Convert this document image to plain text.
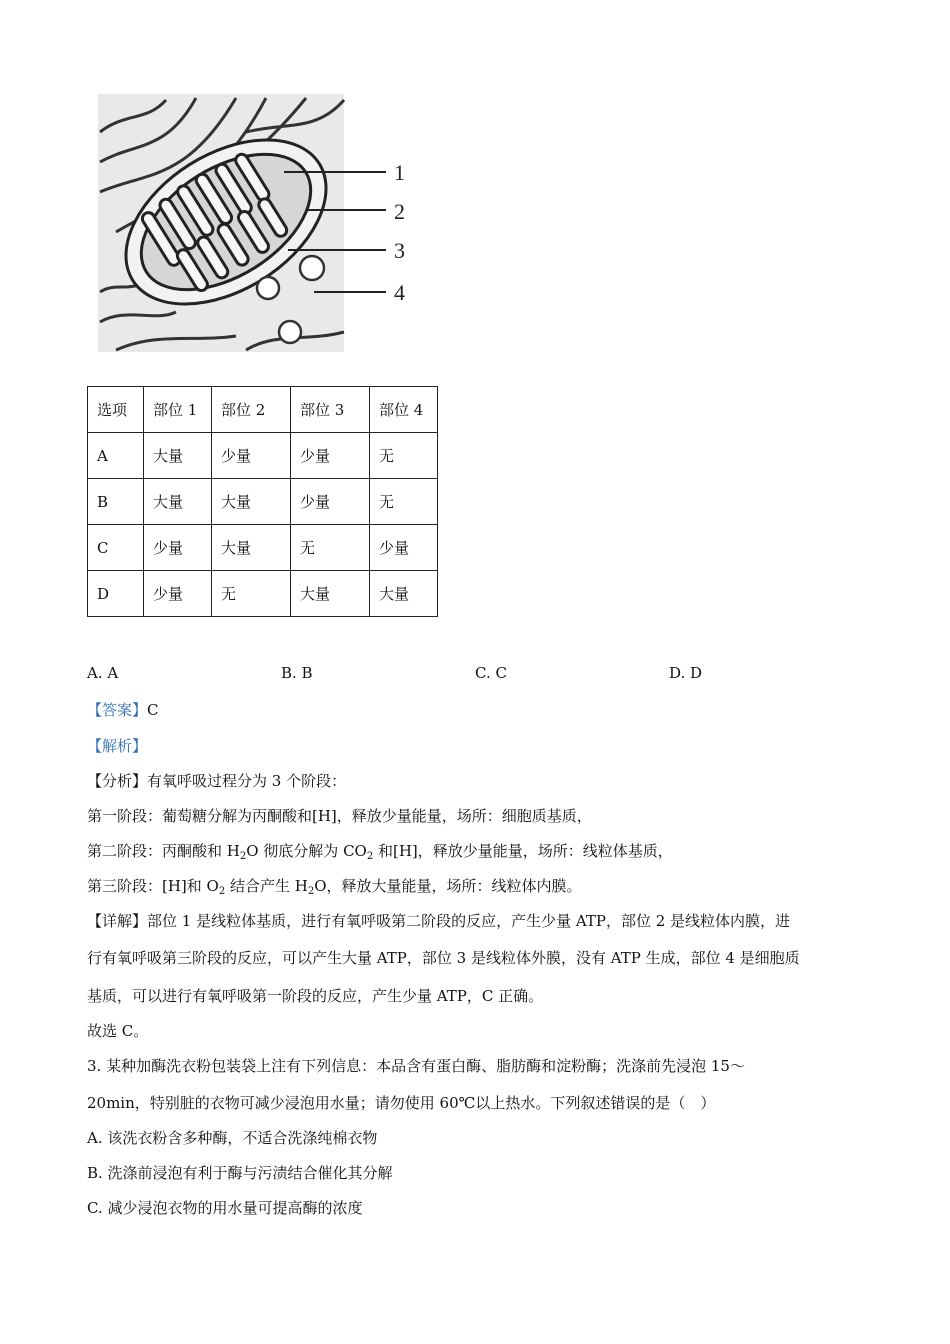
1
2
3
4
选项	部位 1	部位 2	部位 3	部位 4
A	大量	少量	少量	无
B	大量	大量	少量	无
C	少量	大量	无	少量
D	少量	无	大量	大量
A. A	B. B	C. C	D. D
【答案】C
【解析】
【分析】有氧呼吸过程分为 3 个阶段：
第一阶段：葡萄糖分解为丙酮酸和[H]，释放少量能量，场所：细胞质基质，
第二阶段：丙酮酸和 $H_2O$ 彻底分解为 $CO_2$ 和[H]，释放少量能量，场所：线粒体基质，
第三阶段：[H]和 $O_2$ 结合产生 $H_2O$，释放大量能量，场所：线粒体内膜。
【详解】部位 1 是线粒体基质，进行有氧呼吸第二阶段的反应，产生少量 ATP，部位 2 是线粒体内膜，进
行有氧呼吸第三阶段的反应，可以产生大量 ATP，部位 3 是线粒体外膜，没有 ATP 生成，部位 4 是细胞质
基质，可以进行有氧呼吸第一阶段的反应，产生少量 ATP，C 正确。
故选 C。
3. 某种加酶洗衣粉包装袋上注有下列信息：本品含有蛋白酶、脂肪酶和淀粉酶；洗涤前先浸泡 15～
20min，特别脏的衣物可减少浸泡用水量；请勿使用 60℃以上热水。下列叙述错误的是（　）
A. 该洗衣粉含多种酶，不适合洗涤纯棉衣物
B. 洗涤前浸泡有利于酶与污渍结合催化其分解
C. 减少浸泡衣物的用水量可提高酶的浓度
